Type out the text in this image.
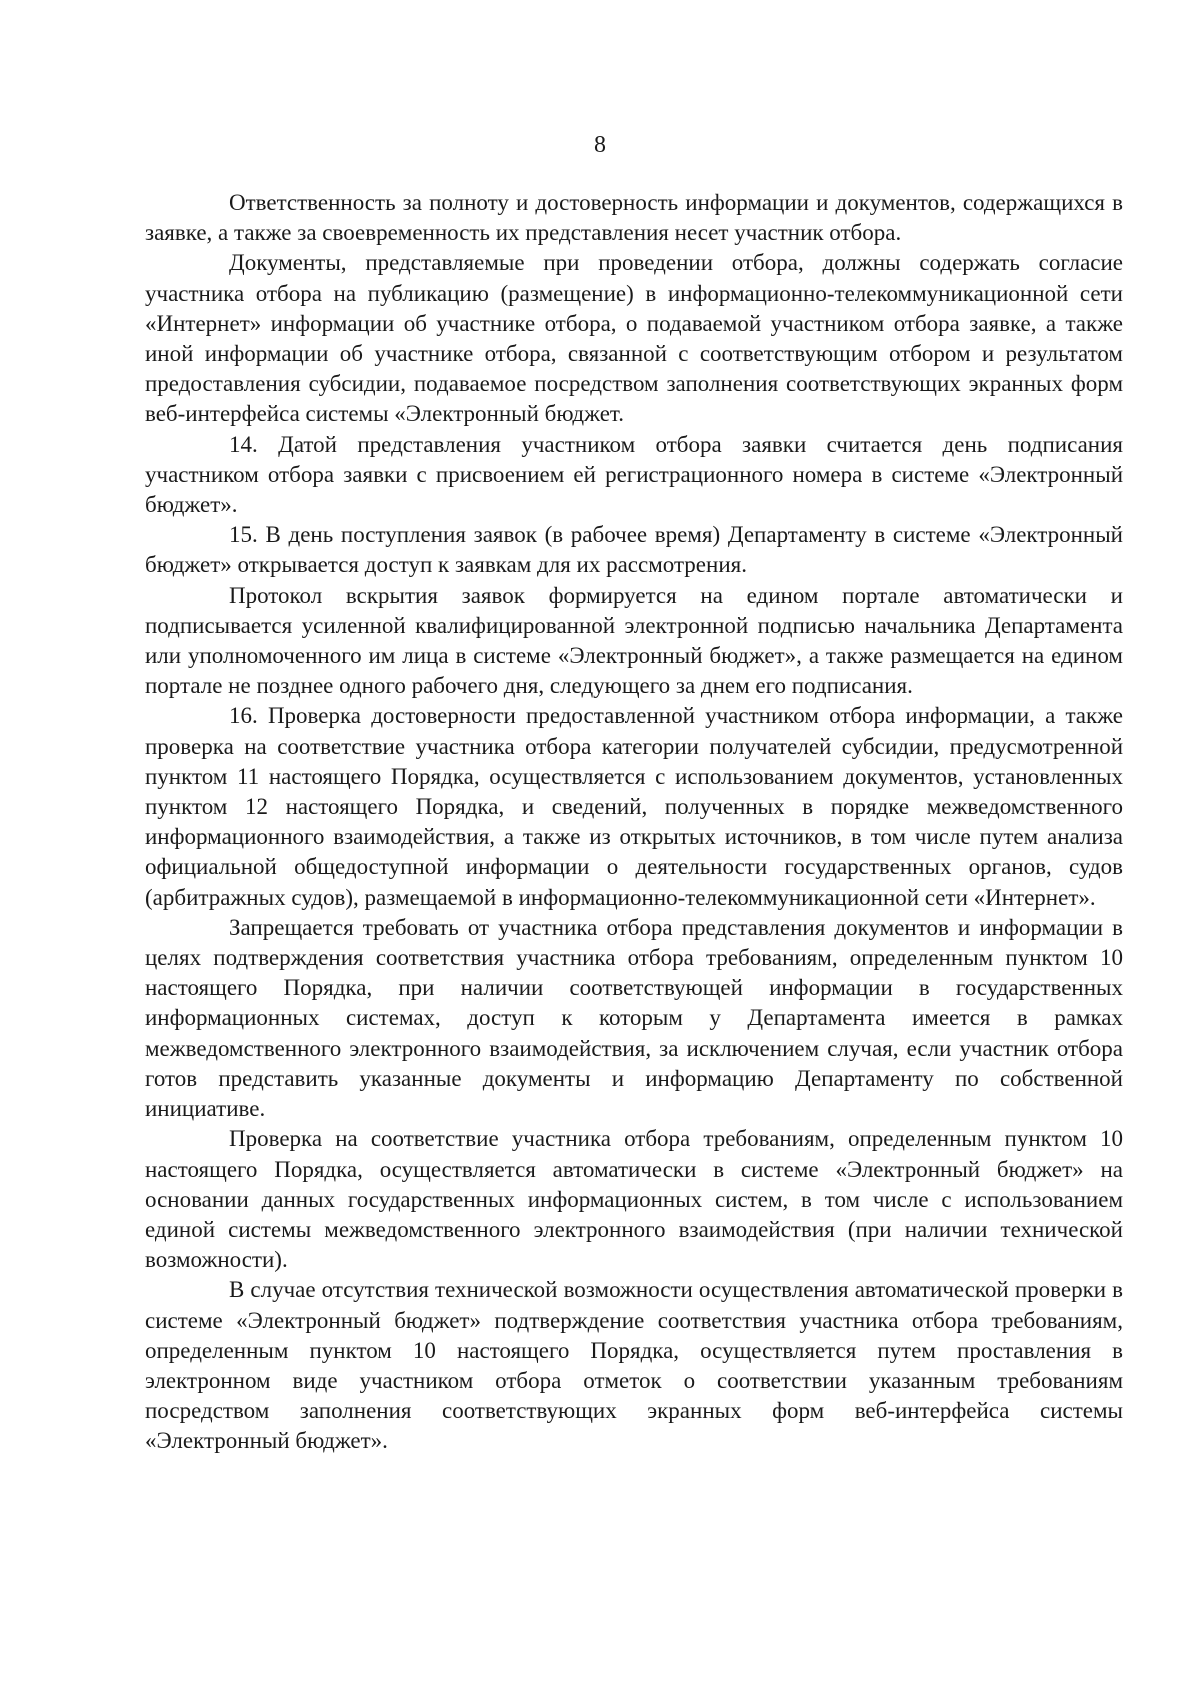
8

Ответственность за полноту и достоверность информации и документов, содержащихся в заявке, а также за своевременность их представления несет участник отбора.

Документы, представляемые при проведении отбора, должны содержать согласие участника отбора на публикацию (размещение) в информационно-телекоммуникационной сети «Интернет» информации об участнике отбора, о подаваемой участником отбора заявке, а также иной информации об участнике отбора, связанной с соответствующим отбором и результатом предоставления субсидии, подаваемое посредством заполнения соответствующих экранных форм веб-интерфейса системы «Электронный бюджет.

14. Датой представления участником отбора заявки считается день подписания участником отбора заявки с присвоением ей регистрационного номера в системе «Электронный бюджет».

15. В день поступления заявок (в рабочее время) Департаменту в системе «Электронный бюджет» открывается доступ к заявкам для их рассмотрения.

Протокол вскрытия заявок формируется на едином портале автоматически и подписывается усиленной квалифицированной электронной подписью начальника Департамента или уполномоченного им лица в системе «Электронный бюджет», а также размещается на едином портале не позднее одного рабочего дня, следующего за днем его подписания.

16. Проверка достоверности предоставленной участником отбора информации, а также проверка на соответствие участника отбора категории получателей субсидии, предусмотренной пунктом 11 настоящего Порядка, осуществляется с использованием документов, установленных пунктом 12 настоящего Порядка, и сведений, полученных в порядке межведомственного информационного взаимодействия, а также из открытых источников, в том числе путем анализа официальной общедоступной информации о деятельности государственных органов, судов (арбитражных судов), размещаемой в информационно-телекоммуникационной сети «Интернет».

Запрещается требовать от участника отбора представления документов и информации в целях подтверждения соответствия участника отбора требованиям, определенным пунктом 10 настоящего Порядка, при наличии соответствующей информации в государственных информационных системах, доступ к которым у Департамента имеется в рамках межведомственного электронного взаимодействия, за исключением случая, если участник отбора готов представить указанные документы и информацию Департаменту по собственной инициативе.

Проверка на соответствие участника отбора требованиям, определенным пунктом 10 настоящего Порядка, осуществляется автоматически в системе «Электронный бюджет» на основании данных государственных информационных систем, в том числе с использованием единой системы межведомственного электронного взаимодействия (при наличии технической возможности).

В случае отсутствия технической возможности осуществления автоматической проверки в системе «Электронный бюджет» подтверждение соответствия участника отбора требованиям, определенным пунктом 10 настоящего Порядка, осуществляется путем проставления в электронном виде участником отбора отметок о соответствии указанным требованиям посредством заполнения соответствующих экранных форм веб-интерфейса системы «Электронный бюджет».
